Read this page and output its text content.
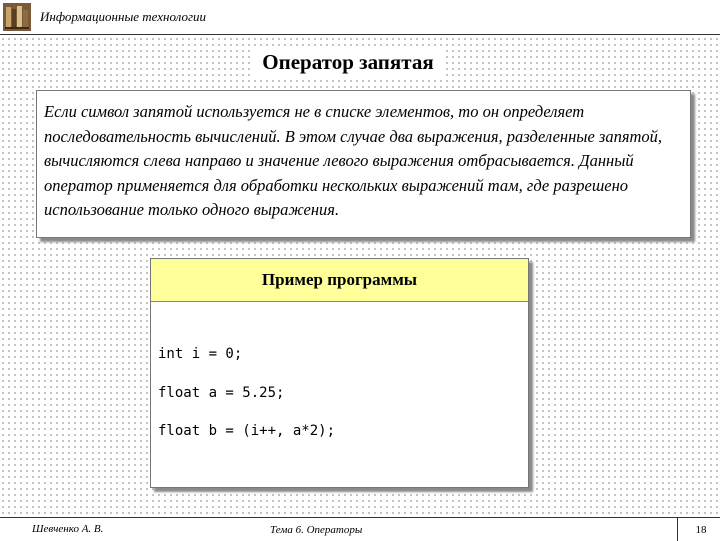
Информационные технологии
Оператор запятая

Если символ запятой используется не в списке элементов, то он определяет последовательность вычислений. В этом случае два выражения, разделенные запятой, вычисляются слева направо и значение левого выражения отбрасывается. Данный оператор применяется для обработки нескольких выражений там, где разрешено использование только одного выражения.

Пример программы
int i = 0;
float a = 5.25;
float b = (i++, a*2);
Шевченко А. В.	Тема 6. Операторы	18
